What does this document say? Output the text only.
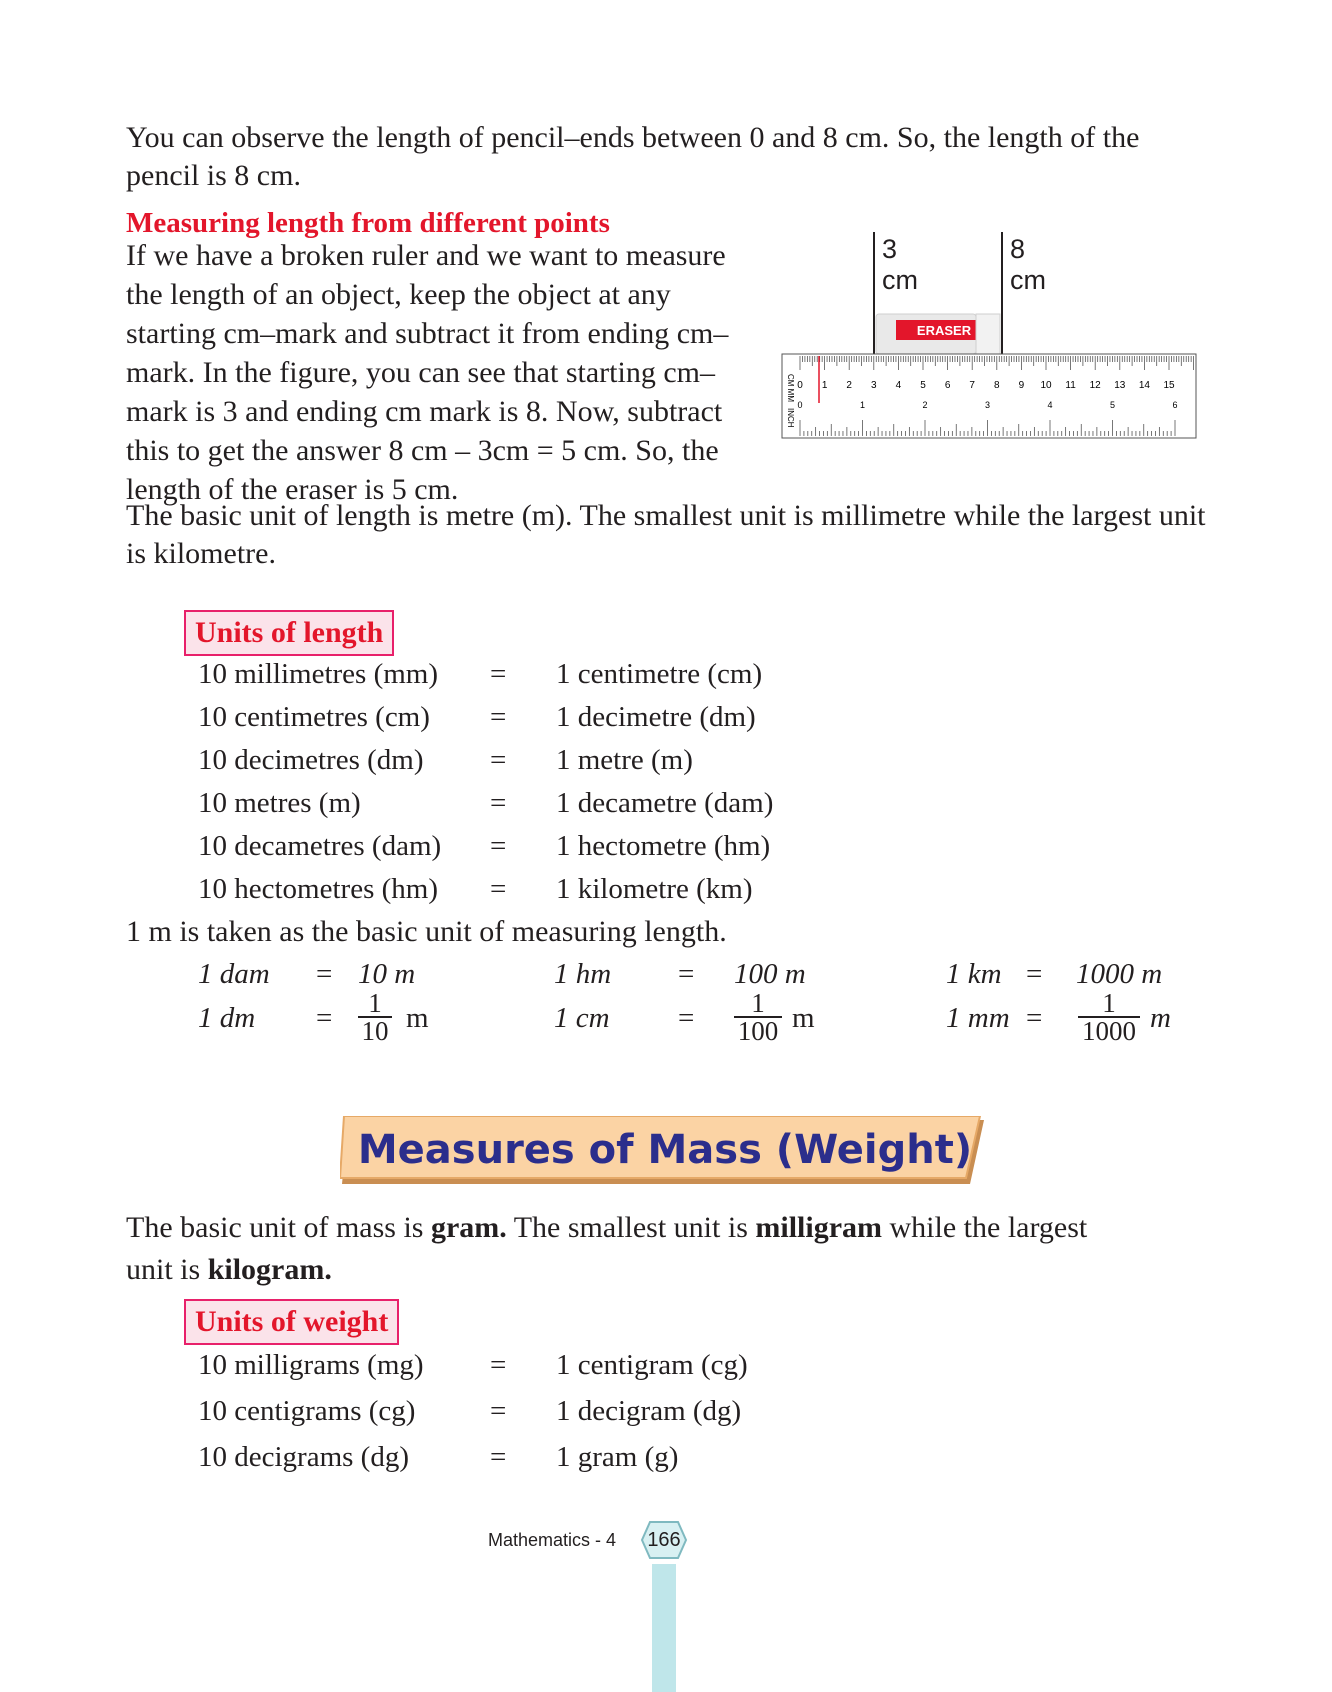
You can observe the length of pencil–ends between 0 and 8 cm. So, the length of the

pencil is 8 cm.

Measuring length from different points

If we have a broken ruler and we want to measure

the length of an object, keep the object at any

starting cm–mark and subtract it from ending cm–

mark. In the figure, you can see that starting cm–

mark is 3 and ending cm mark is 8. Now, subtract

this to get the answer 8 cm – 3cm = 5 cm. So, the

length of the eraser is 5 cm.

3 cm
8 cm
ERASER
0 1 2 3 4 5 6 7 8 9 10 11 12 13 14 15
0	1	2	3	4	5	6
CM MM
INCH

The basic unit of length is metre (m). The smallest unit is millimetre while the largest unit

is kilometre.

Units of length
10 millimetres (mm) = 1 centimetre (cm)
10 centimetres (cm) = 1 decimetre (dm)
10 decimetres (dm) = 1 metre (m)
10 metres (m)	= 1 decametre (dam)
10 decametres (dam) = 1 hectometre (hm)
10 hectometres (hm) = 1 kilometre (km)

1 m is taken as the basic unit of measuring length.

1 dam = 10 m	1 hm = 100 m	1 km = 1000 m
1 dm = $\frac{1}{10}$ m	1 cm = $\frac{1}{100}$ m	1 mm = $\frac{1}{1000}$ m
Measures of Mass (Weight)

The basic unit of mass is gram. The smallest unit is milligram while the largest

unit is kilogram.

Units of weight
10 milligrams (mg) = 1 centigram (cg)
10 centigrams (cg)	= 1 decigram (dg)
10 decigrams (dg)	= 1 gram (g)
Mathematics - 4	166
